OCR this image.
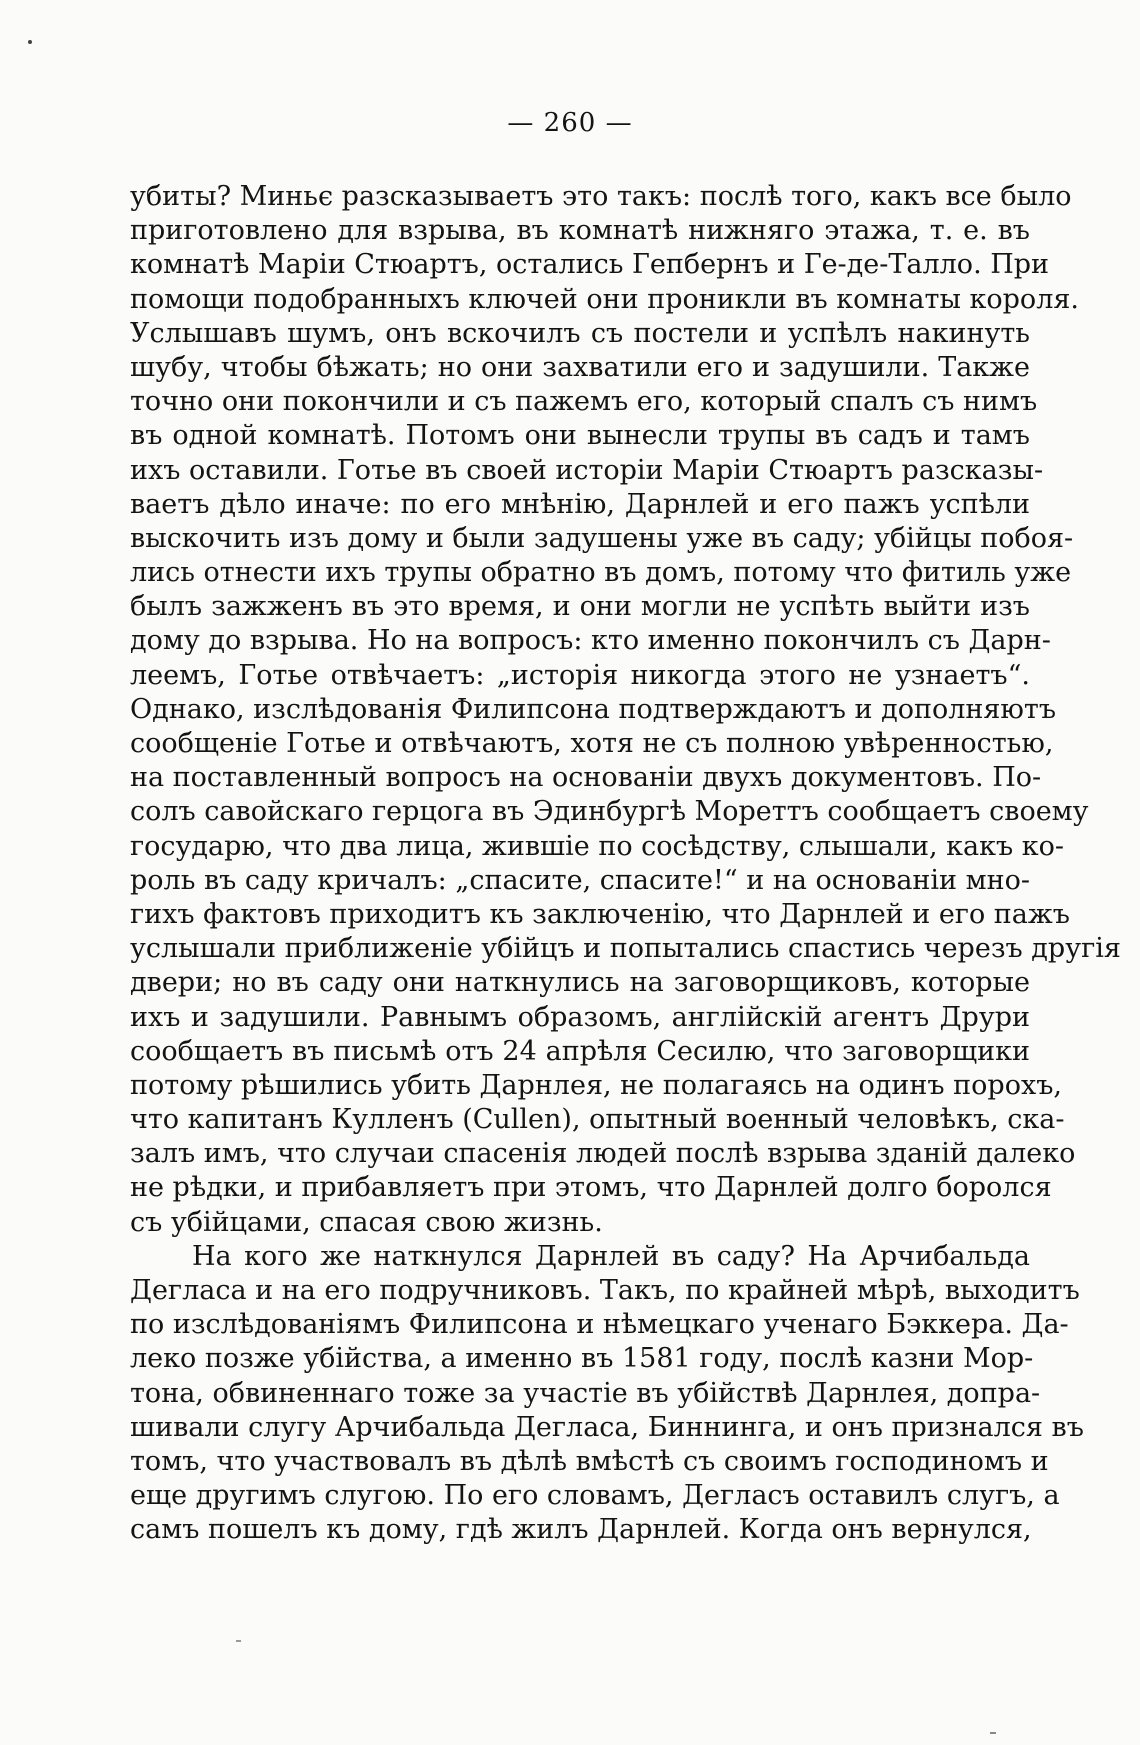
— 260 —
убиты? Миньє разсказываетъ это такъ: послѣ того, какъ все было
приготовлено для взрыва, въ комнатѣ нижняго этажа, т. е. въ
комнатѣ Маріи Стюартъ, остались Гепбернъ и Ге-де-Талло. При
помощи подобранныхъ ключей они проникли въ комнаты короля.
Услышавъ шумъ, онъ вскочилъ съ постели и успѣлъ накинуть
шубу, чтобы бѣжать; но они захватили его и задушили. Также
точно они покончили и съ пажемъ его, который спалъ съ нимъ
въ одной комнатѣ. Потомъ они вынесли трупы въ садъ и тамъ
ихъ оставили. Готье въ своей исторіи Маріи Стюартъ разсказы-
ваетъ дѣло иначе: по его мнѣнію, Дарнлей и его пажъ успѣли
выскочить изъ дому и были задушены уже въ саду; убійцы побоя-
лись отнести ихъ трупы обратно въ домъ, потому что фитиль уже
былъ зажженъ въ это время, и они могли не успѣть выйти изъ
дому до взрыва. Но на вопросъ: кто именно покончилъ съ Дарн-
леемъ, Готье отвѣчаетъ: „исторія никогда этого не узнаетъ“.
Однако, изслѣдованія Филипсона подтверждаютъ и дополняютъ
сообщеніе Готье и отвѣчаютъ, хотя не съ полною увѣренностью,
на поставленный вопросъ на основаніи двухъ документовъ. По-
солъ савойскаго герцога въ Эдинбургѣ Мореттъ сообщаетъ своему
государю, что два лица, жившіе по сосѣдству, слышали, какъ ко-
роль въ саду кричалъ: „спасите, спасите!“ и на основаніи мно-
гихъ фактовъ приходитъ къ заключенію, что Дарнлей и его пажъ
услышали приближеніе убійцъ и попытались спастись черезъ другія
двери; но въ саду они наткнулись на заговорщиковъ, которые
ихъ и задушили. Равнымъ образомъ, англійскій агентъ Друри
сообщаетъ въ письмѣ отъ 24 апрѣля Сесилю, что заговорщики
потому рѣшились убить Дарнлея, не полагаясь на одинъ порохъ,
что капитанъ Кулленъ (Cullen), опытный военный человѣкъ, ска-
залъ имъ, что случаи спасенія людей послѣ взрыва зданій далеко
не рѣдки, и прибавляетъ при этомъ, что Дарнлей долго боролся
съ убійцами, спасая свою жизнь.
На кого же наткнулся Дарнлей въ саду? На Арчибальда
Дегласа и на его подручниковъ. Такъ, по крайней мѣрѣ, выходитъ
по изслѣдованіямъ Филипсона и нѣмецкаго ученаго Бэккера. Да-
леко позже убійства, а именно въ 1581 году, послѣ казни Мор-
тона, обвиненнаго тоже за участіе въ убійствѣ Дарнлея, допра-
шивали слугу Арчибальда Дегласа, Биннинга, и онъ признался въ
томъ, что участвовалъ въ дѣлѣ вмѣстѣ съ своимъ господиномъ и
еще другимъ слугою. По его словамъ, Дегласъ оставилъ слугъ, а
самъ пошелъ къ дому, гдѣ жилъ Дарнлей. Когда онъ вернулся,
